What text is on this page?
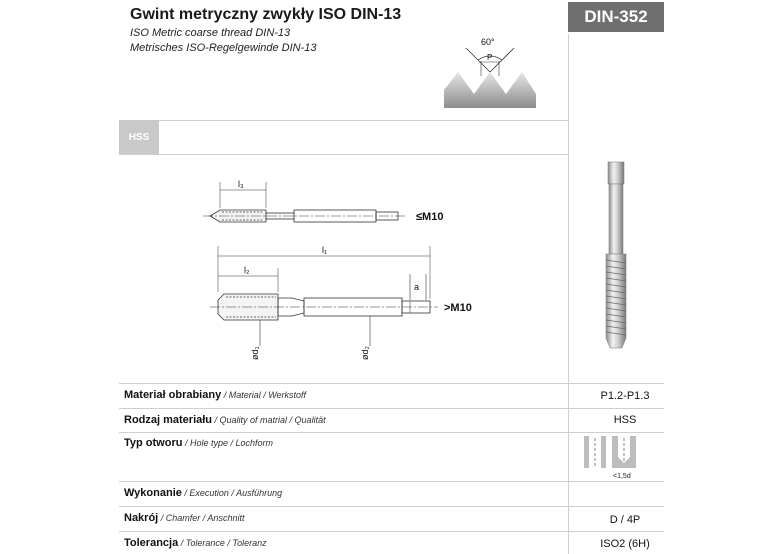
Gwint metryczny zwykły ISO DIN-13
ISO Metric coarse thread DIN-13
Metrisches ISO-Regelgewinde DIN-13
DIN-352
60°
P
HSS
l₃
l₁
l₂
a
ød₁	ød₂
≤M10
>M10
Materiał obrabiany / Material / Werkstoff	P1.2-P1.3
Rodzaj materiału / Quality of matrial / Qualität	HSS
Typ otworu / Hole type / Lochform
<1,5d
Wykonanie / Execution / Ausführung
Nakrój / Chamfer / Anschnitt	D / 4P
Tolerancja / Tolerance / Toleranz	ISO2 (6H)
